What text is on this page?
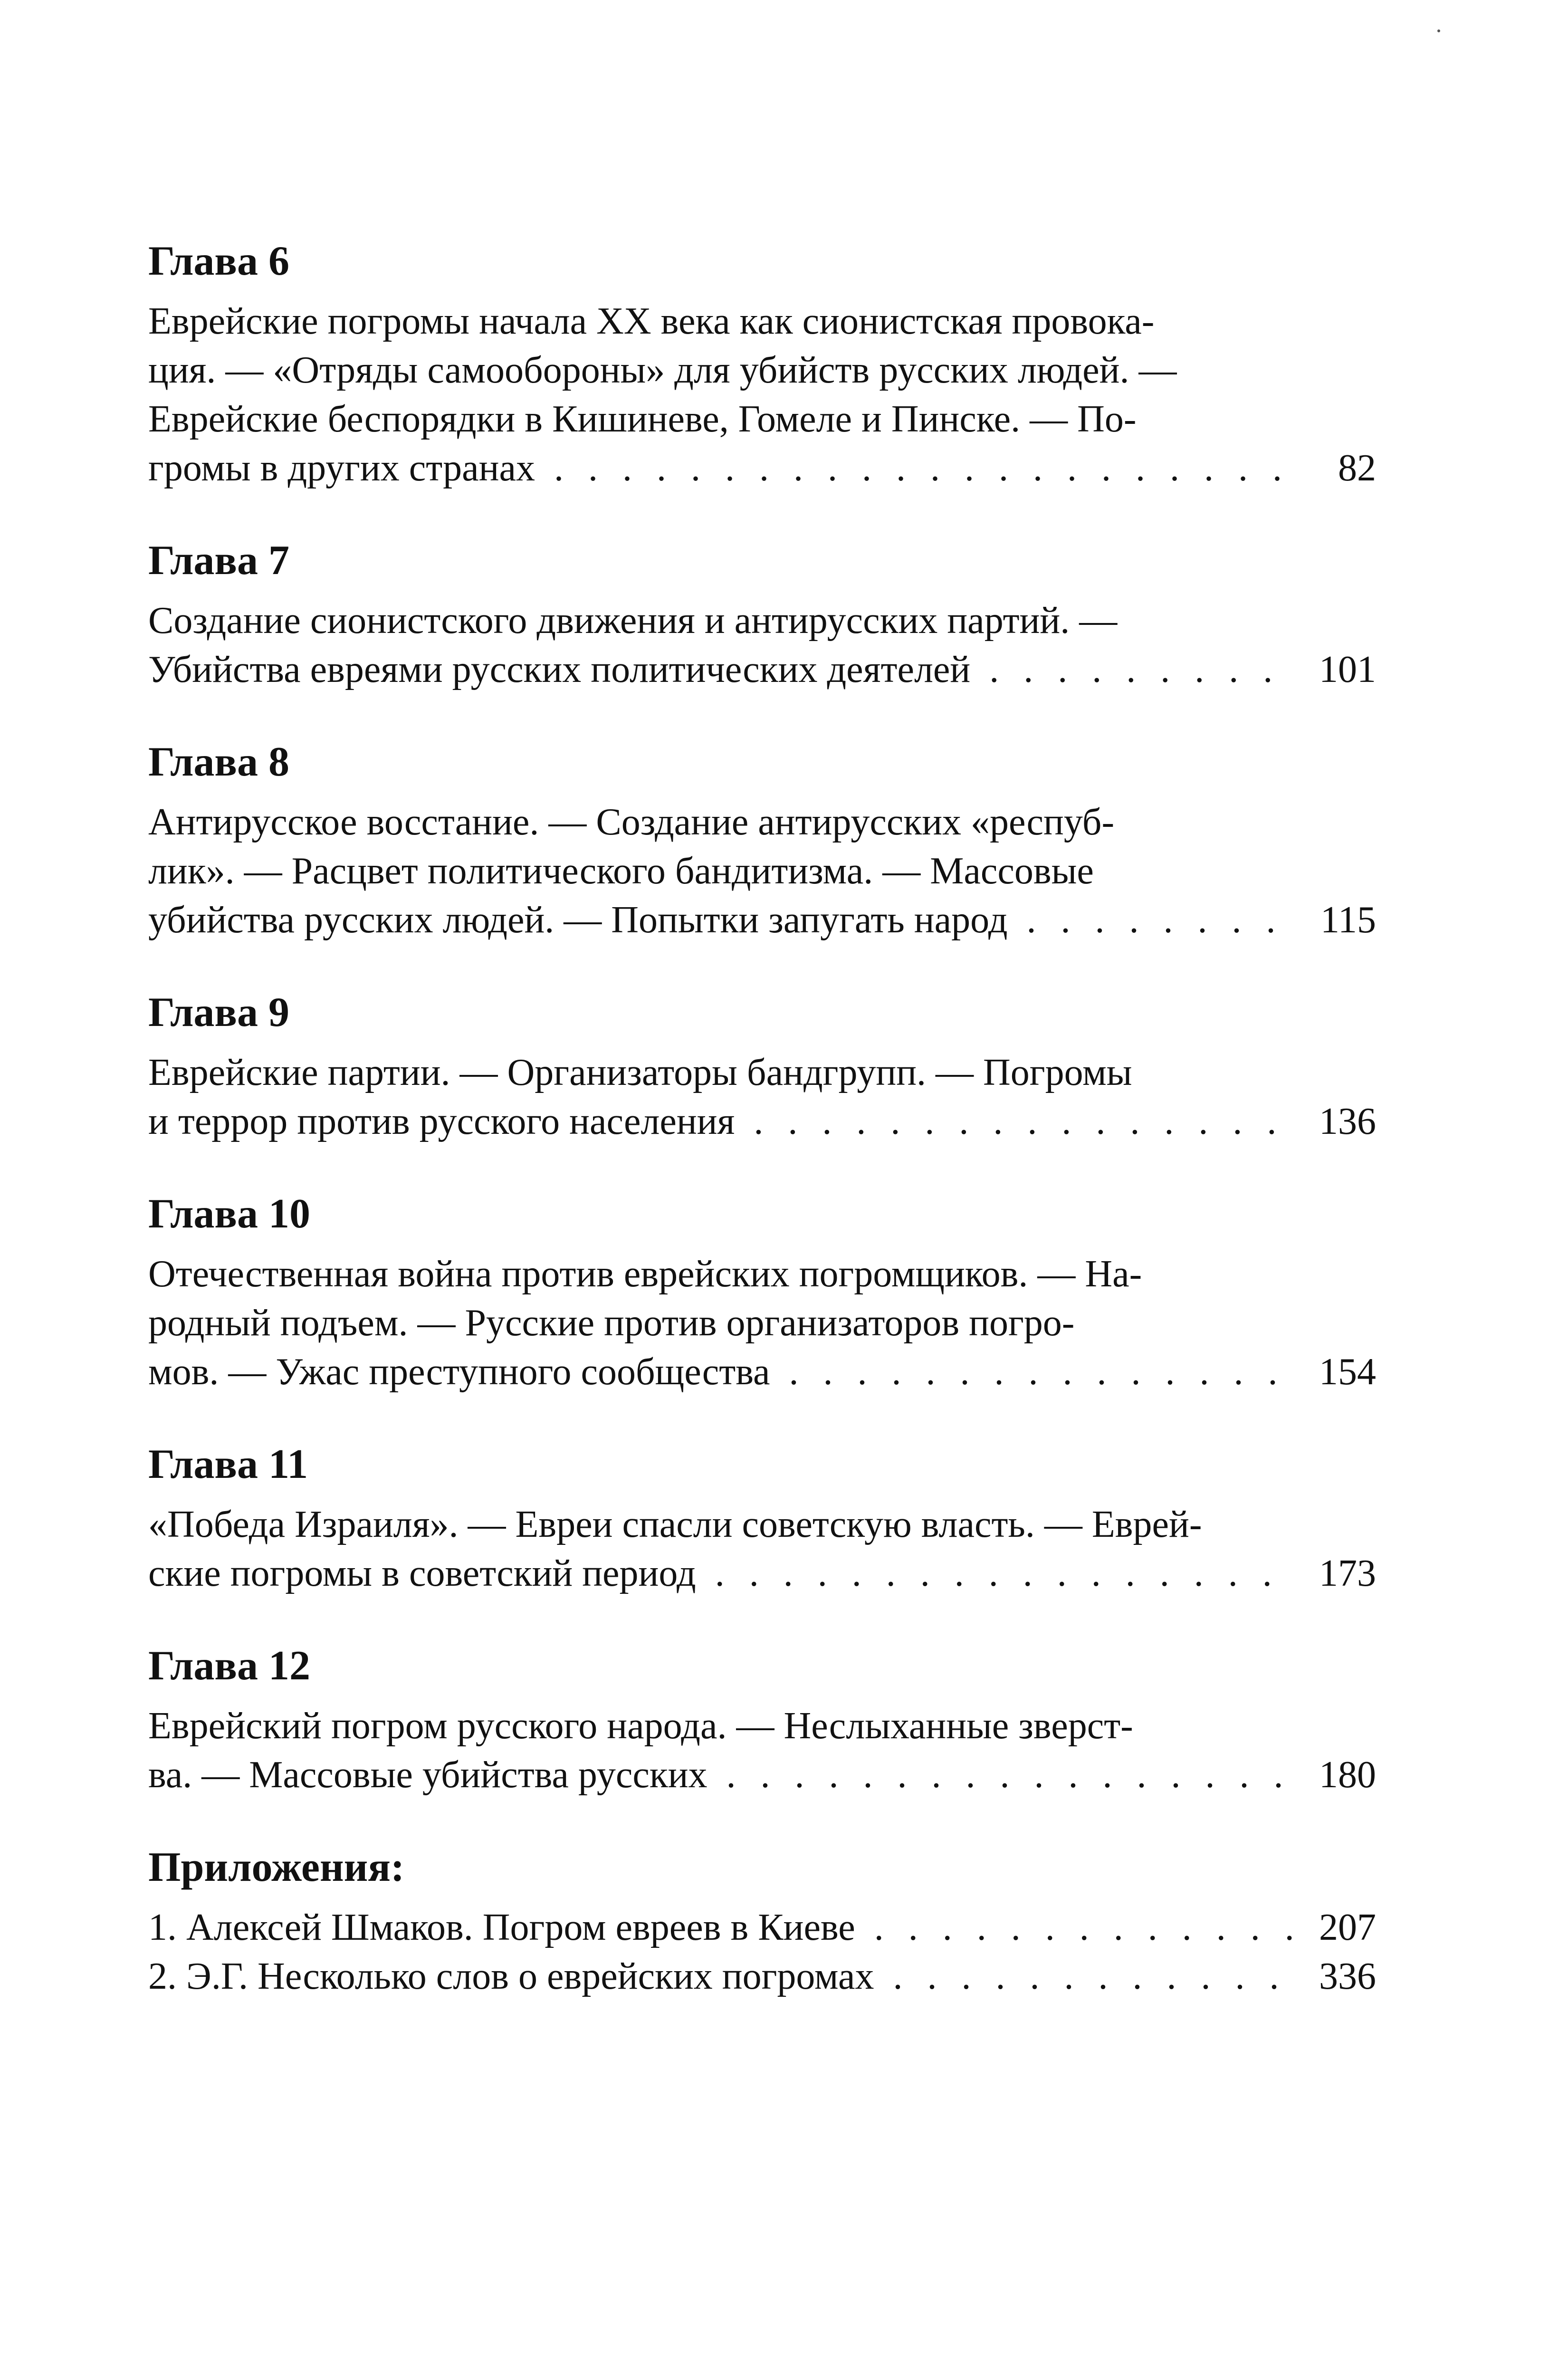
Глава 6
Еврейские погромы начала XX века как сионистская провока-
ция. — «Отряды самообороны» для убийств русских людей. —
Еврейские беспорядки в Кишиневе, Гомеле и Пинске. — По-
громы в других странах . . .	82
Глава 7
Создание сионистского движения и антирусских партий. —
Убийства евреями русских политических деятелей . . .	101
Глава 8
Антирусское восстание. — Создание антирусских «респуб-
лик». — Расцвет политического бандитизма. — Массовые
убийства русских людей. — Попытки запугать народ . . .	115
Глава 9
Еврейские партии. — Организаторы бандгрупп. — Погромы
и террор против русского населения . . .	136
Глава 10
Отечественная война против еврейских погромщиков. — На-
родный подъем. — Русские против организаторов погро-
мов. — Ужас преступного сообщества . . .	154
Глава 11
«Победа Израиля». — Евреи спасли советскую власть. — Еврей-
ские погромы в советский период . . .	173
Глава 12
Еврейский погром русского народа. — Неслыханные зверст-
ва. — Массовые убийства русских . . .	180
Приложения:
1. Алексей Шмаков. Погром евреев в Киеве . . .	207
2. Э.Г. Несколько слов о еврейских погромах . . .	336
